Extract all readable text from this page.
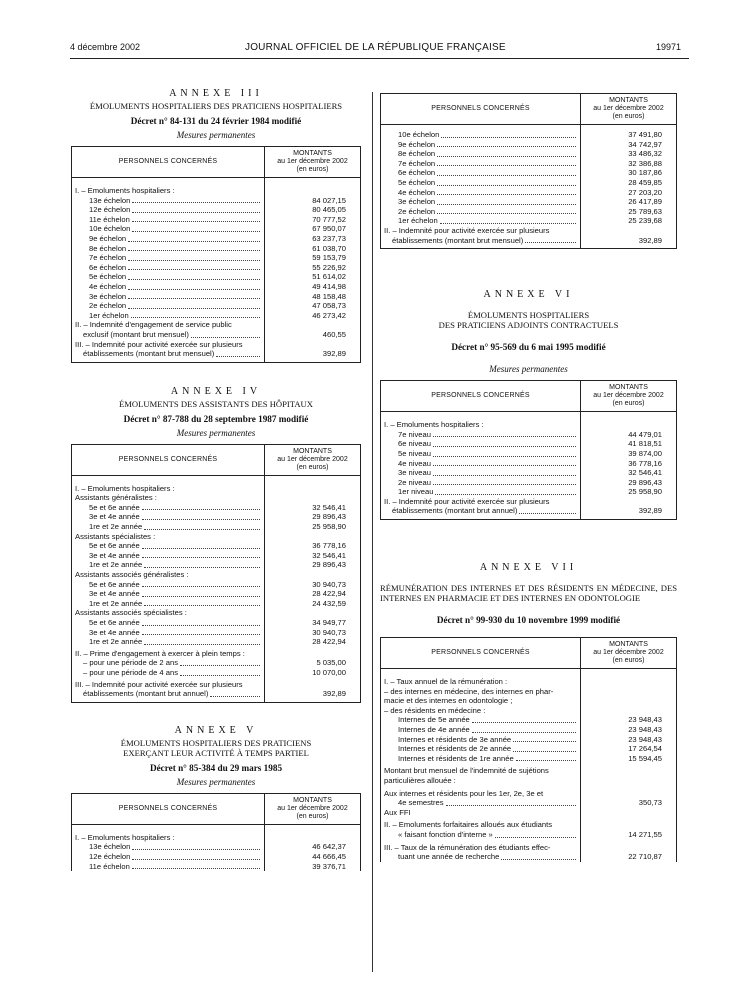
4 décembre 2002	JOURNAL OFFICIEL DE LA RÉPUBLIQUE FRANÇAISE	19971

ANNEXE III

ÉMOLUMENTS HOSPITALIERS DES PRATICIENS HOSPITALIERS

Décret n° 84-131 du 24 février 1984 modifié

Mesures permanentes

PERSONNELS CONCERNÉS	MONTANTS
au 1er décembre 2002
(en euros)

I. – Emoluments hospitaliers :	

13e échelon	84 027,15

12e échelon	80 465,05

11e échelon	70 777,52

10e échelon	67 950,07

9e échelon	63 237,73

8e échelon	61 038,70

7e échelon	59 153,79

6e échelon	55 226,92

5e échelon	51 614,02

4e échelon	49 414,98

3e échelon	48 158,48

2e échelon	47 058,73

1er échelon	46 273,42
II. – Indemnité d'engagement de service public	

exclusif (montant brut mensuel)	460,55
III. – Indemnité pour activité exercée sur plusieurs	

établissements (montant brut mensuel)	392,89

ANNEXE IV

ÉMOLUMENTS DES ASSISTANTS DES HÔPITAUX

Décret n° 87-788 du 28 septembre 1987 modifié

Mesures permanentes

PERSONNELS CONCERNÉS	MONTANTS
au 1er décembre 2002
(en euros)

I. – Emoluments hospitaliers :	
Assistants généralistes :	

5e et 6e année	32 546,41

3e et 4e année	29 896,43

1re et 2e année	25 958,90
Assistants spécialistes :	

5e et 6e année	36 778,16

3e et 4e année	32 546,41

1re et 2e année	29 896,43
Assistants associés généralistes :	

5e et 6e année	30 940,73

3e et 4e année	28 422,94

1re et 2e année	24 432,59
Assistants associés spécialistes :	

5e et 6e année	34 949,77

3e et 4e année	30 940,73

1re et 2e année	28 422,94
II. – Prime d'engagement à exercer à plein temps :	

– pour une période de 2 ans	5 035,00

– pour une période de 4 ans	10 070,00
III. – Indemnité pour activité exercée sur plusieurs	

établissements (montant brut annuel)	392,89

ANNEXE V

ÉMOLUMENTS HOSPITALIERS DES PRATICIENS

EXERÇANT LEUR ACTIVITÉ À TEMPS PARTIEL

Décret n° 85-384 du 29 mars 1985

Mesures permanentes

PERSONNELS CONCERNÉS	MONTANTS
au 1er décembre 2002
(en euros)

I. – Emoluments hospitaliers :	

13e échelon	46 642,37

12e échelon	44 666,45

11e échelon	39 376,71
PERSONNELS CONCERNÉS	MONTANTS
au 1er décembre 2002
(en euros)

10e échelon	37 491,80

9e échelon	34 742,97

8e échelon	33 486,32

7e échelon	32 386,88

6e échelon	30 187,86

5e échelon	28 459,85

4e échelon	27 203,20

3e échelon	26 417,89

2e échelon	25 789,63

1er échelon	25 239,68
II. – Indemnité pour activité exercée sur plusieurs	

établissements (montant brut mensuel)	392,89

ANNEXE VI

ÉMOLUMENTS HOSPITALIERS

DES PRATICIENS ADJOINTS CONTRACTUELS

Décret n° 95-569 du 6 mai 1995 modifié

Mesures permanentes

PERSONNELS CONCERNÉS	MONTANTS
au 1er décembre 2002
(en euros)

I. – Emoluments hospitaliers :	

7e niveau	44 479,01

6e niveau	41 818,51

5e niveau	39 874,00

4e niveau	36 778,16

3e niveau	32 546,41

2e niveau	29 896,43

1er niveau	25 958,90
II. – Indemnité pour activité exercée sur plusieurs	

établissements (montant brut annuel)	392,89

ANNEXE VII

RÉMUNÉRATION DES INTERNES ET DES RÉSIDENTS EN MÉDECINE, DES INTERNES EN PHARMACIE ET DES INTERNES EN ODONTOLOGIE

Décret n° 99-930 du 10 novembre 1999 modifié

PERSONNELS CONCERNÉS	MONTANTS
au 1er décembre 2002
(en euros)

I. – Taux annuel de la rémunération :	
– des internes en médecine, des internes en phar-	
macie et des internes en odontologie ;	
– des résidents en médecine :	

Internes de 5e année	23 948,43

Internes de 4e année	23 948,43

Internes et résidents de 3e année	23 948,43

Internes et résidents de 2e année	17 264,54

Internes et résidents de 1re année	15 594,45
Montant brut mensuel de l'indemnité de sujétions	
particulières allouée :	
Aux internes et résidents pour les 1er, 2e, 3e et	

4e semestres	350,73
Aux FFI	
II. – Emoluments forfaitaires alloués aux étudiants	

« faisant fonction d'interne »	14 271,55
III. – Taux de la rémunération des étudiants effec-	

tuant une année de recherche	22 710,87
